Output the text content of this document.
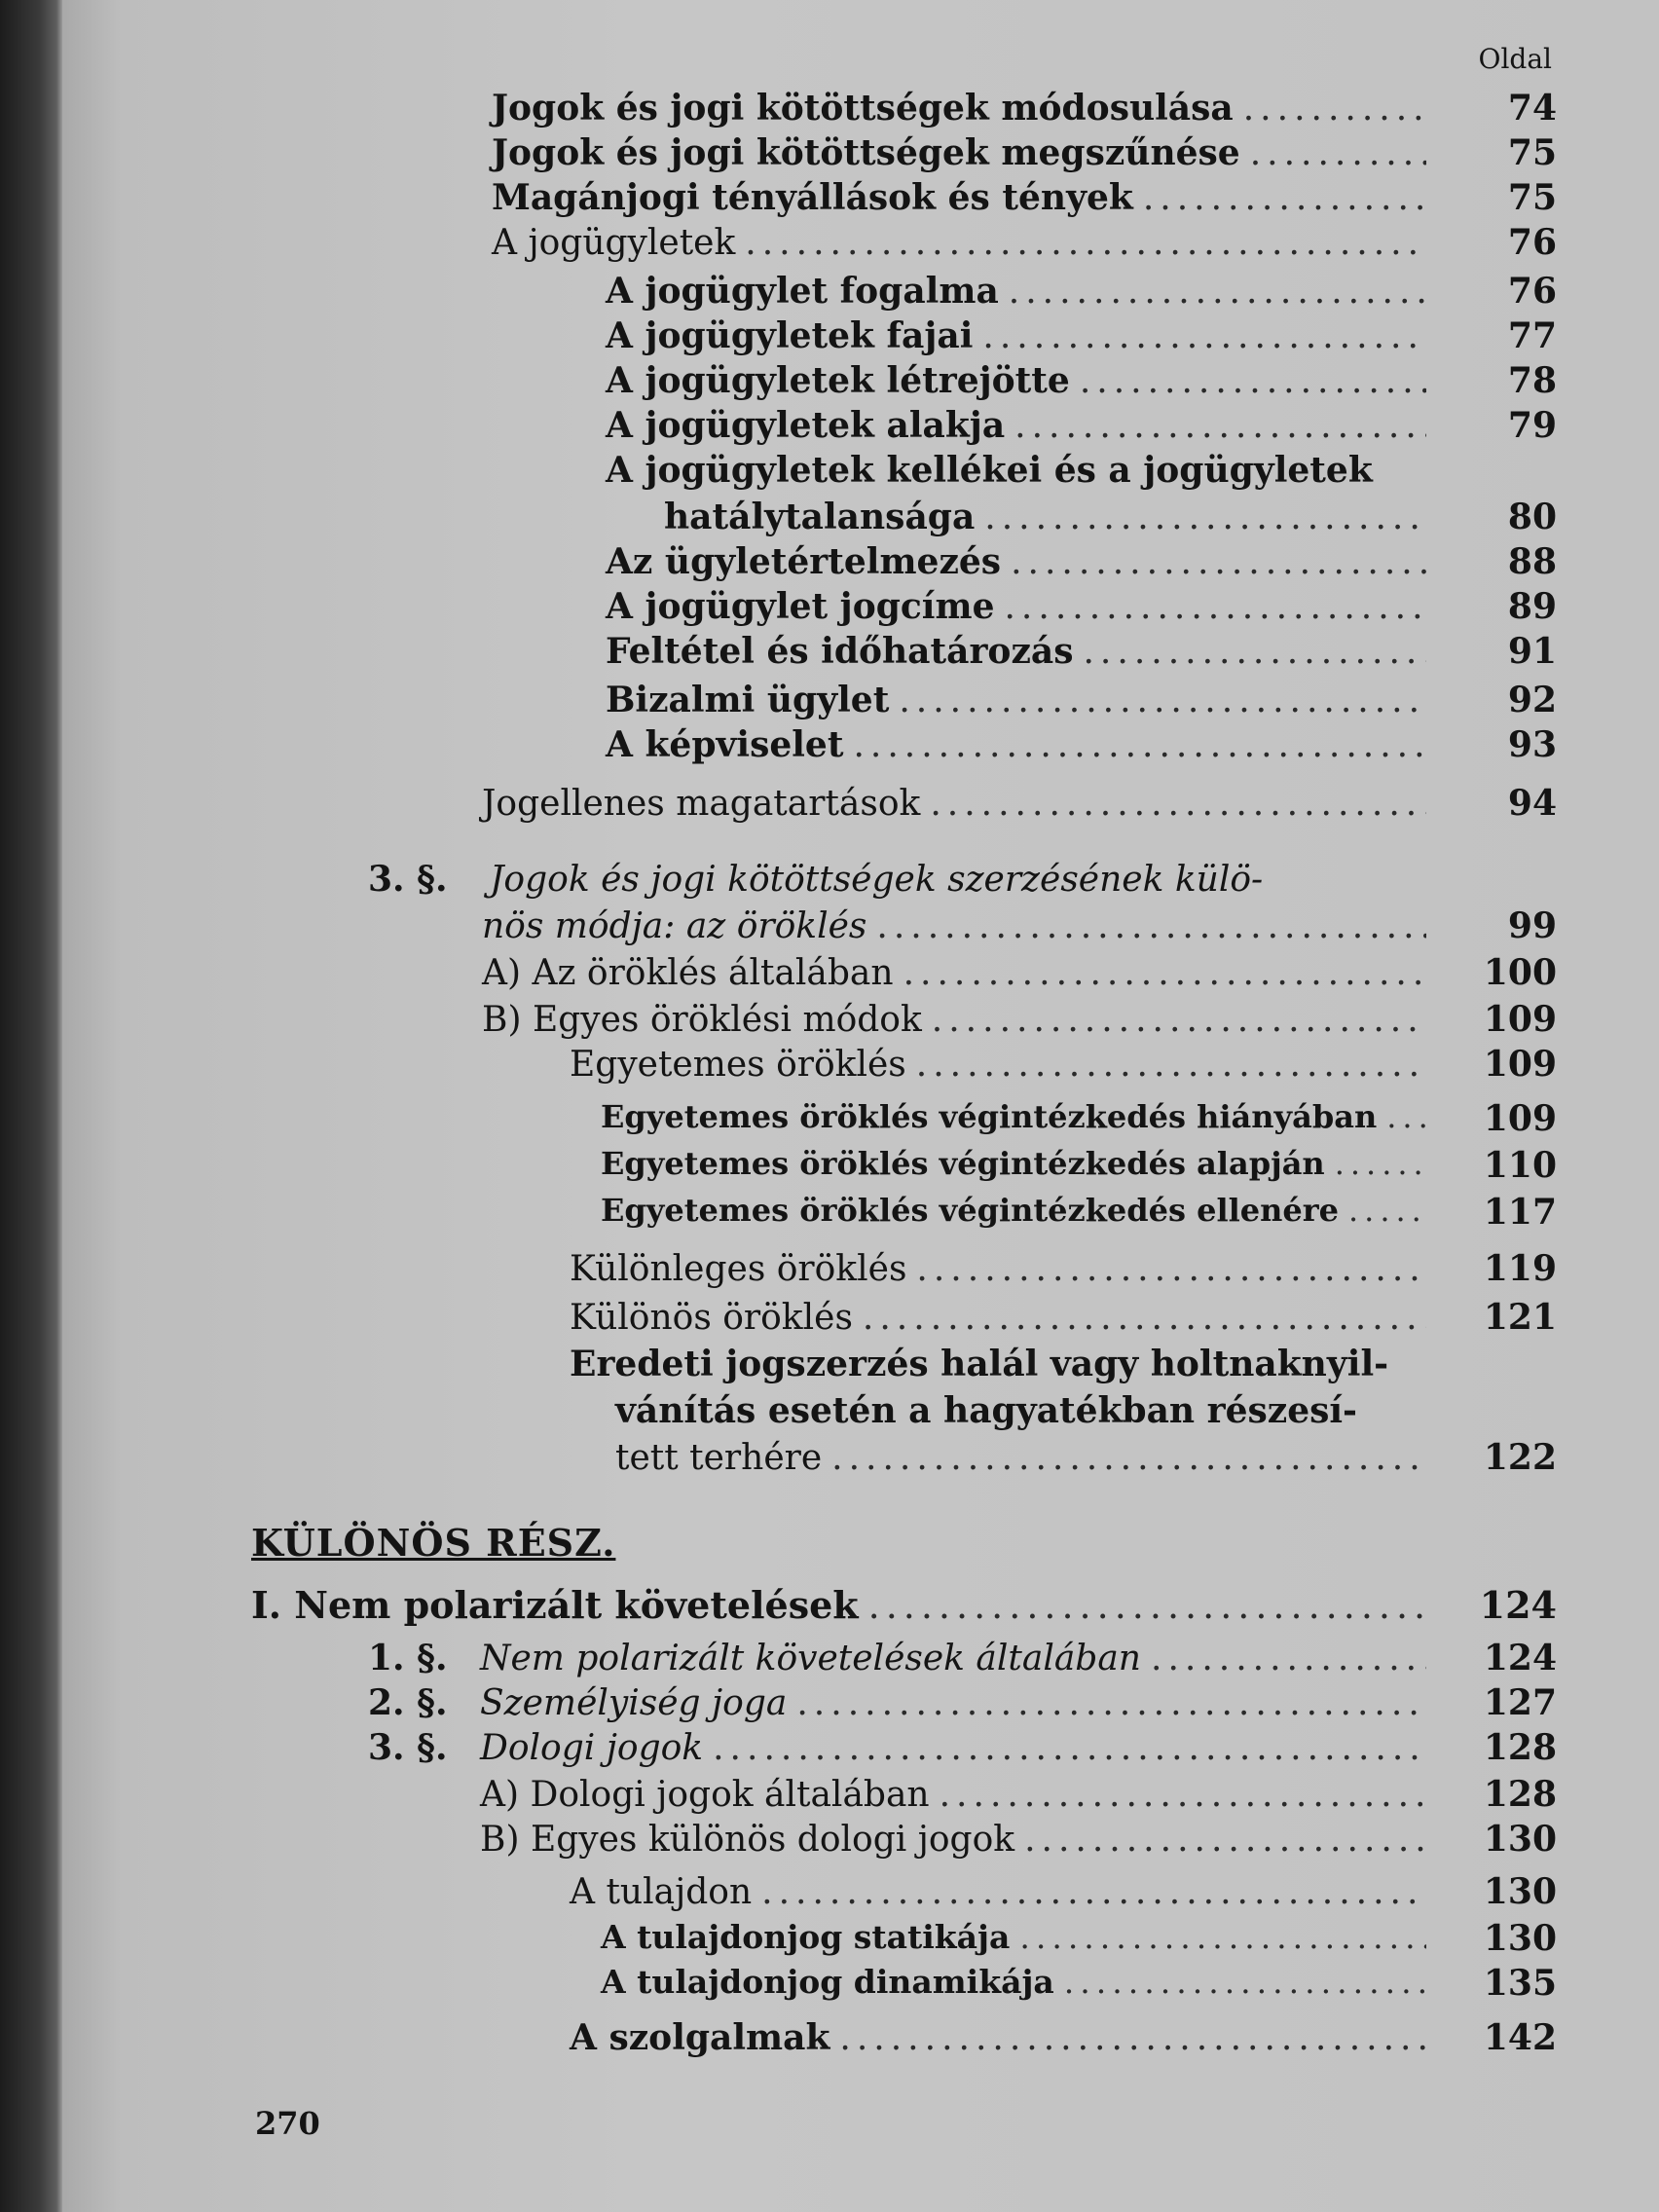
Oldal
Jogok és jogi kötöttségek módosulása .....	74
Jogok és jogi kötöttségek megszűnése .....	75
Magánjogi tényállások és tények .....	75
A jogügyletek .....	76
A jogügylet fogalma .....	76
A jogügyletek fajai .....	77
A jogügyletek létrejötte .....	78
A jogügyletek alakja .....	79
A jogügyletek kellékei és a jogügyletek
hatálytalansága .....	80
Az ügyletértelmezés .....	88
A jogügylet jogcíme .....	89
Feltétel és időhatározás .....	91
Bizalmi ügylet .....	92
A képviselet .....	93
Jogellenes magatartások .....	94
3. §. Jogok és jogi kötöttségek szerzésének külö-
nös módja: az öröklés .....	99
A) Az öröklés általában .....	100
B) Egyes öröklési módok .....	109
Egyetemes öröklés .....	109
Egyetemes öröklés végintézkedés hiányában .....	109
Egyetemes öröklés végintézkedés alapján .....	110
Egyetemes öröklés végintézkedés ellenére .....	117
Különleges öröklés .....	119
Különös öröklés .....	121
Eredeti jogszerzés halál vagy holtnaknyil-
vánítás esetén a hagyatékban részesí-
tett terhére .....	122
KÜLÖNÖS RÉSZ.
I. Nem polarizált követelések .....	124
1. §. Nem polarizált követelések általában .....	124
2. §. Személyiség joga .....	127
3. §. Dologi jogok .....	128
A) Dologi jogok általában .....	128
B) Egyes különös dologi jogok .....	130
A tulajdon .....	130
A tulajdonjog statikája .....	130
A tulajdonjog dinamikája .....	135
A szolgalmak .....	142
270
